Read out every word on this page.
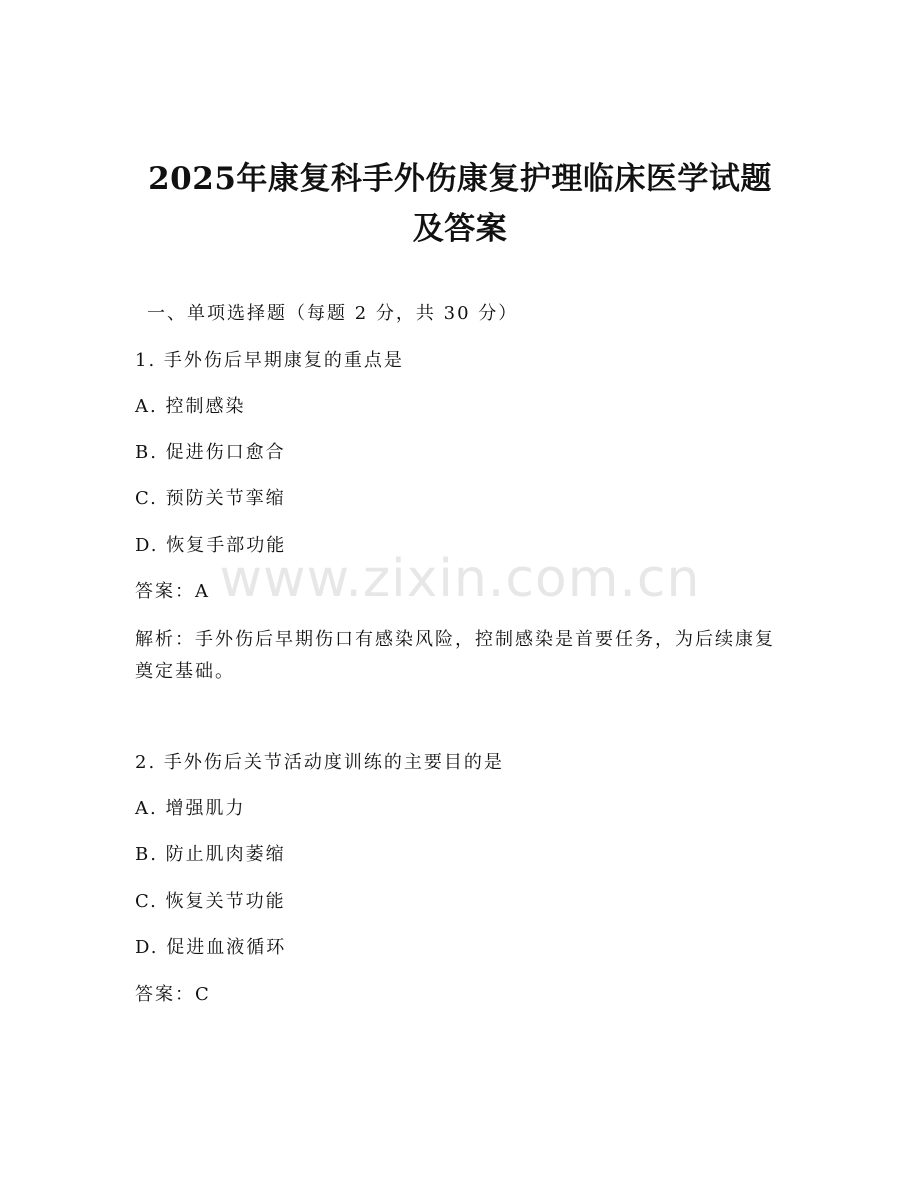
2025年康复科手外伤康复护理临床医学试题
及答案
一、单项选择题（每题 2 分，共 30 分）
1. 手外伤后早期康复的重点是
A. 控制感染
B. 促进伤口愈合
C. 预防关节挛缩
D. 恢复手部功能
答案：A
解析：手外伤后早期伤口有感染风险，控制感染是首要任务，为后续康复奠定基础。
2. 手外伤后关节活动度训练的主要目的是
A. 增强肌力
B. 防止肌肉萎缩
C. 恢复关节功能
D. 促进血液循环
答案：C
www.zixin.com.cn
